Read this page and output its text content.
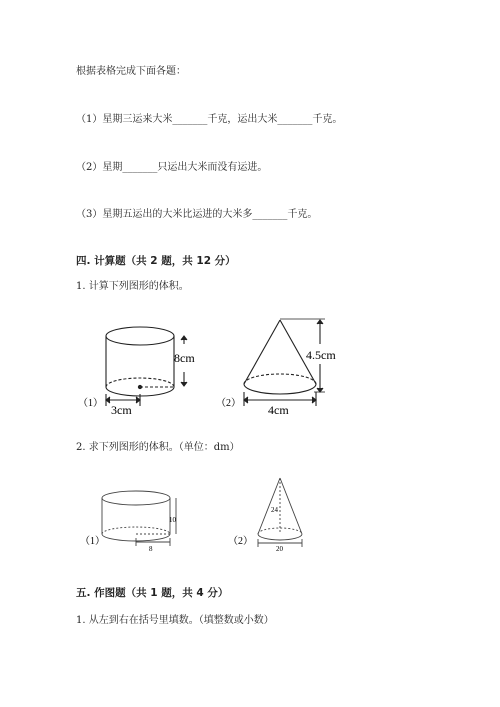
根据表格完成下面各题：
（1）星期三运来大米_______千克，运出大米_______千克。
（2）星期_______只运出大米而没有运进。
（3）星期五运出的大米比运进的大米多_______千克。
四. 计算题（共 2 题，共 12 分）
1. 计算下列图形的体积。
（1）
8cm
3cm	（2）
4.5cm
4cm
2. 求下列图形的体积。（单位：dm）
（1）
10
8
（2）
24
20
五. 作图题（共 1 题，共 4 分）
1. 从左到右在括号里填数。（填整数或小数）
